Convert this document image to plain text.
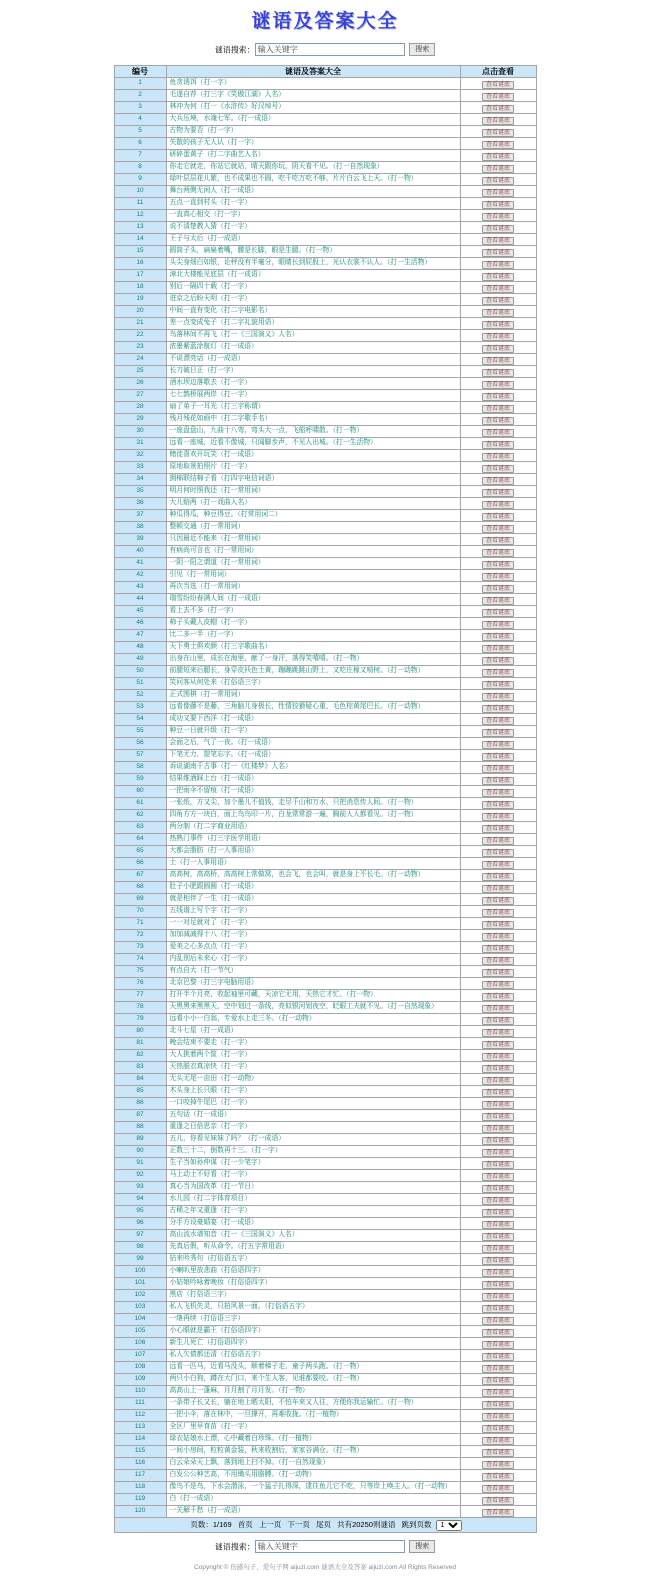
谜语及答案大全
谜语搜索：输入关键字	搜索
编号	谜语及答案大全	点击查看
1	鱼贪诱饵（打一字）	查看谜底
2	毛遂自荐（打三字《笑傲江湖》人名）	查看谜底
3	林冲为何（打一《水浒传》好汉绰号）	查看谜底
4	大兵压境，水淹七军。（打一成语）	查看谜底
5	古物为要否（打一字）	查看谜底
6	失散的孩子无人认（打一字）	查看谜底
7	研碎蛋黄子（打二字曲艺人名）	查看谜底
8	你走它就走，你站它就站，晴天跟你玩，阴天看不见。（打一自然现象）	查看谜底
9	绿叶层层花儿繁，也不成果也不圆，吃千吃万吃不够，片片白云飞上天。（打一物）	查看谜底
10	舞台两侧无闲人（打一成语）	查看谜底
11	五点一直到村头（打一字）	查看谜底
12	一直真心相交（打一字）	查看谜底
13	说不清楚教人猜（打一字）	查看谜底
14	王子与太后（打一成语）	查看谜底
15	圆筒子头，扁扁着嘴，腰是长脚，眼是生腿。（打一物）	查看谜底
16	头尖身细白如银，论秤没有半毫分，眼睛长到屁股上，光认衣裳不认人。（打一生活物）	查看谜底
17	漳北大楼能见底层（打一成语）	查看谜底
18	别后一隔四十载（打一字）	查看谜底
19	进京之后盼天明（打一字）	查看谜底
20	中间一直有变化（打二字电影名）	查看谜底
21	差一点变成兔子（打二字礼貌用语）	查看谜底
22	鸟落林间不再飞（打一《三国演义》人名）	查看谜底
23	浓墨紫蓝涂航灯（打一成语）	查看谜底
24	不说漂亮话（打一成语）	查看谜底
25	长刀破日正（打一字）	查看谜底
26	酒水坝边落歌去（打一字）	查看谜底
27	七七鹊桥展两岸（打一字）	查看谜底
28	扇了弟子一耳光（打三字称谓）	查看谜底
29	残月残花如画中（打二字歌手名）	查看谜底
30	一座盘盘山，九曲十八弯，弯头大一点，飞船呼啸散。（打一物）	查看谜底
31	远看一座城，近看不像城，只闻脚步声，不见人出城。（打一生活物）	查看谜底
32	赌徒喜欢开玩笑（打一成语）	查看谜底
33	原地取景拍照片（打一字）	查看谜底
34	拥棉联结棉子看（打四字电信词语）	查看谜底
35	明月何时照我还（打一常用词）	查看谜底
36	大儿赔两（打一戏曲人名）	查看谜底
37	种瓜得瓜，种豆得豆。（打常用词二）	查看谜底
38	整顿交通（打一常用词）	查看谜底
39	只因最近不能来（打一常用词）	查看谜底
40	有病尚可言也（打一常用词）	查看谜底
41	一阴一阳之谓道（打一常用词）	查看谜底
42	引见（打一常用词）	查看谜底
43	再次当选（打一常用词）	查看谜底
44	瑞雪纷纷春满人间（打一成语）	查看谜底
45	看上去不多（打一字）	查看谜底
46	柿子头戴人皮帽（打一字）	查看谜底
47	比二多一半（打一字）	查看谜底
48	天下勇士俱欢颜（打三字歌曲名）	查看谜底
49	出身在山里，成长在海里，献了一身汗，落得笑嘻嘻。（打一物）	查看谜底
50	前腿短来后腿长，身穿皮袄色土黄，蹦蹦跳跳山野上，又吃庄稼又啃树。（打一动物）	查看谜底
51	笑问客从何处来（打俗语三字）	查看谜底
52	正式围棋（打一常用词）	查看谜底
53	远看像藤不是藤，三角脑儿身极长，性情狡猾疑心重，毛色棕黄尾巴长。（打一动物）	查看谜底
54	成功又要下西洋（打一成语）	查看谜底
55	种豆一日就升级（打一字）	查看谜底
56	会面之后，气了一夜。（打一成语）	查看谜底
57	下笔无力，提笔忘字。（打一成语）	查看谜底
58	诉说湖南千古事（打一《红楼梦》人名）	查看谜底
59	结果维酒踩上台（打一成语）	查看谜底
60	一把雨伞不留痕（打一成语）	查看谜底
61	一张纸，方又尖，加个墨儿不值钱，走尽千山和万水，只把消息传人间。（打一物）	查看谜底
62	四角方方一块白，面上鸟鸟印一片，白龙常常游一遍，胸前人人都看见。（打一物）	查看谜底
63	两分制（打二字商业用语）	查看谜底
64	热熟门事件（打三字医学用语）	查看谜底
65	大都会脂肪（打一人事用语）	查看谜底
66	土（打一人事用语）	查看谜底
67	高高树，高高桥，高高树上常做窝，也会飞，也会叫，就是身上不长毛。（打一动物）	查看谜底
68	肚子小肥跟圆圆（打一成语）	查看谜底
69	就是相伴了一生（打一成语）	查看谜底
70	五线谱上写个字（打一字）	查看谜底
71	一一对足就对了（打一字）	查看谜底
72	加加减减得十八（打一字）	查看谜底
73	爱美之心多点点（打一字）	查看谜底
74	内乱别后未来心（打一字）	查看谜底
75	有点自大（打一节气）	查看谜底
76	北京巴黎（打三字电脑用语）	查看谜底
77	打开半个月亮，收起袖里可藏，天凉它无用，天热它才忙。（打一物）	查看谜底
78	天黑黑来黑黑天，空中划过一条线，亮似银河划夜空，眨眼工夫就不见。（打一自然现象）	查看谜底
79	远看小小一白翁，专爱水上走三冬。（打一动物）	查看谜底
80	北斗七星（打一成语）	查看谜底
81	晚会结束不要走（打一字）	查看谜底
82	大人挑着两个筐（打一字）	查看谜底
83	天热脱衣真凉快（打一字）	查看谜底
84	无头无尾一亩田（打一动物）	查看谜底
85	木头身上长只眼（打一字）	查看谜底
86	一口咬掉牛尾巴（打一字）	查看谜底
87	五句话（打一成语）	查看谜底
88	重逢之日倍思亲（打一字）	查看谜底
89	五儿，你看见妹妹了吗？（打一成语）	查看谜底
90	正数三十二，倒数再十三。（打一字）	查看谜底
91	生子当如孙仲谋（打一少笔字）	查看谜底
92	马上动土不好看（打一字）	查看谜底
93	真心当为国改革（打一节日）	查看谜底
94	水儿园（打二字体育项目）	查看谜底
95	古稀之年又重逢（打一字）	查看谜底
96	分手方设豪婚宴（打一成语）	查看谜底
97	高山流水谱知音（打一《三国演义》人名）	查看谜底
98	先真后假，听从命令。（打五字常用语）	查看谜底
99	拈来吟秀句（打俗语五字）	查看谜底
100	小喇叭里放悲曲（打俗语四字）	查看谜底
101	小姑娘吟咏着晚妆（打俗语四字）	查看谜底
102	黑店（打俗语三字）	查看谜底
103	私人飞机失灵，只拍风景一面。（打俗语五字）	查看谜底
104	一继再续（打俗语三字）	查看谜底
105	小心眼就是霸王（打俗语四字）	查看谜底
106	新生儿死亡（打俗语四字）	查看谜底
107	私人欠债都还清（打俗语五字）	查看谜底
108	远看一匹马，近看马没头，顺着梯子走，童子两头跑。（打一物）	查看谜底
109	两只小白狗，蹲在大门口，来个生人客，见谁都要咬。（打一物）	查看谜底
110	高高山上一蓬麻，月月割了月月发。（打一物）	查看谜底
111	一条带子长又长，躺在地上晒太阳，不怕车来又人往，方便你我运输忙。（打一物）	查看谜底
112	一把小伞，落在林中，一旦撑开，再难收拢。（打一植物）	查看谜底
113	全区厂里早育苗（打一字）	查看谜底
114	绿衣姑娘水上漂，心中藏着白珍珠。（打一植物）	查看谜底
115	一间小房间，粒粒黄金装，秋来收割后，家家谷满仓。（打一物）	查看谜底
116	白云朵朵天上飘，落到地上扫不掉。（打一自然现象）	查看谜底
117	白发公公种艺高，不用锄头用胳膊。（打一动物）	查看谜底
118	像鸟不是鸟，下水会潜泳，一个猛子扎得深，逮住鱼儿它不吃，只等岸上唤主人。（打一动物）	查看谜底
119	白（打一成语）	查看谜底
120	一关解千愁（打一成语）	查看谜底
页数：1/169 首页 上一页 下一页 尾页 共有20250则谜语 跳到页数
1
谜语搜索：输入关键字	搜索
Copyright © 伤感句子，爱句子网 aijuzi.com 谜语大全及答案 aijuzi.com All Rights Reserved
